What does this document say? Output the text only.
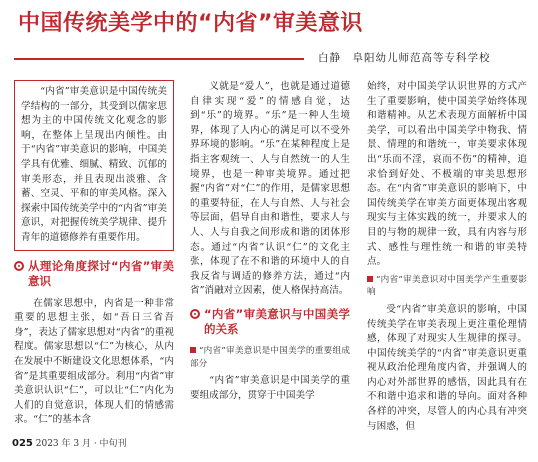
中国传统美学中的“内省”审美意识
白静　阜阳幼儿师范高等专科学校

“内省”审美意识是中国传统美学结构的一部分，其受到以儒家思想为主的中国传统文化观念的影响，在整体上呈现出内倾性。由于“内省”审美意识的影响，中国美学具有优雅、细腻、精致、沉郁的审美形态，并且表现出淡雅、含蓄、空灵、平和的审美风格。深入探索中国传统美学中的“内省”审美意识，对把握传统美学规律、提升青年的道德修养有重要作用。

从理论角度探讨“内省”审美意识

在儒家思想中，内省是一种非常重要的思想主张，如“吾日三省吾身”，表达了儒家思想对“内省”的重视程度。儒家思想以“仁”为核心，从内在发展中不断建设文化思想体系，“内省”是其重要组成部分。利用“内省”审美意识认识“仁”，可以让“仁”内化为人们的自觉意识，体现人们的情感需求。“仁”的基本含

义就是“爱人”，也就是通过道德自律实现“爱”的情感自觉，达到“乐”的境界。“乐”是一种人生境界，体现了人内心的满足可以不受外界环境的影响。“乐”在某种程度上是指主客观统一、人与自然统一的人生境界，也是一种审美境界。通过把握“内省”对“仁”的作用，是儒家思想的重要特征，在人与自然、人与社会等层面，倡导自由和谐性，要求人与人、人与自我之间形成和谐的团体形态。通过“内省”认识“仁”的文化主张，体现了在不和谐的环境中人的自我反省与调适的修养方法，通过“内省”消融对立因素，使人格保持高洁。

“内省”审美意识与中国美学的关系
“内省”审美意识是中国美学的重要组成部分

“内省”审美意识是中国美学的重要组成部分，贯穿于中国美学

始终，对中国美学认识世界的方式产生了重要影响，使中国美学始终体现和谐精神。从艺术表现方面解析中国美学，可以看出中国美学中物我、情景、情理的和谐统一，审美要求体现出“乐而不淫，哀而不伤”的精神，追求恰到好处、不极端的审美思想形态。在“内省”审美意识的影响下，中国传统美学在审美方面更体现出客观现实与主体实践的统一，并要求人的目的与物的规律一致，具有内容与形式、感性与理性统一和谐的审美特点。

“内省”审美意识对中国美学产生重要影响

受“内省”审美意识的影响，中国传统美学在审美表现上更注重伦理情感，体现了对现实人生规律的探寻。中国传统美学的“内省”审美意识更重视从政治伦理角度内省，并强调人的内心对外部世界的感悟，因此具有在不和谐中追求和谐的导向。面对各种各样的冲突，尽管人的内心具有冲突与困惑，但

025 2023 年 3 月 · 中旬刊
